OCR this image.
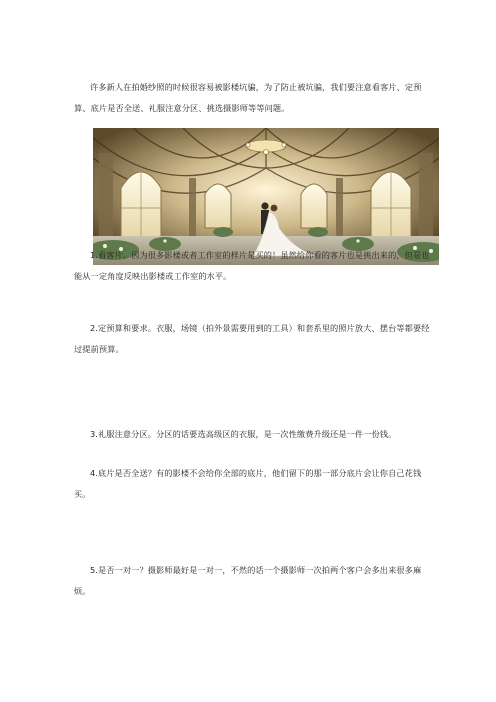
许多新人在拍婚纱照的时候很容易被影楼坑骗，为了防止被坑骗，我们要注意看客片、定预算、底片是否全送、礼服注意分区、挑选摄影师等等问题。

1.看客片。因为很多影楼或者工作室的样片是买的！虽然给你看的客片也是挑出来的，但是也能从一定角度反映出影楼或工作室的水平。

2.定预算和要求。衣服，场镜（拍外景需要用到的工具）和套系里的照片放大、摆台等都要经过提前预算。

3.礼服注意分区。分区的话要选高级区的衣服，是一次性缴费升级还是一件一份钱。

4.底片是否全送？有的影楼不会给你全部的底片，他们留下的那一部分底片会让你自己花钱买。

5.是否一对一？摄影师最好是一对一，不然的话一个摄影师一次拍两个客户会多出来很多麻烦。
